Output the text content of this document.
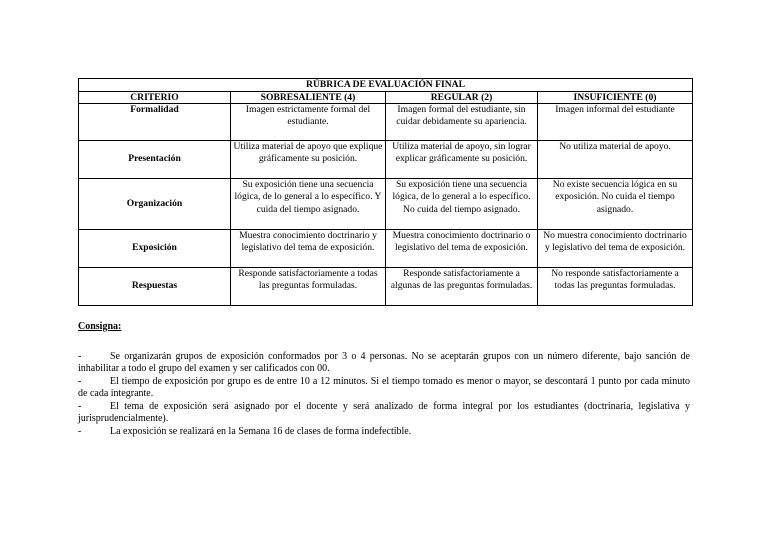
RÚBRICA DE EVALUACIÓN FINAL			
CRITERIO	SOBRESALIENTE (4)	REGULAR (2)	INSUFICIENTE (0)
Formalidad	Imagen estrictamente formal del estudiante.	Imagen formal del estudiante, sin cuidar debidamente su apariencia.	Imagen informal del estudiante
Presentación	Utiliza material de apoyo que explique gráficamente su posición.	Utiliza material de apoyo, sin lograr explicar gráficamente su posición.	No utiliza material de apoyo.
Organización	Su exposición tiene una secuencia lógica, de lo general a lo específico. Y cuida del tiempo asignado.	Su exposición tiene una secuencia lógica, de lo general a lo específico. No cuida del tiempo asignado.	No existe secuencia lógica en su exposición. No cuida el tiempo asignado.
Exposición	Muestra conocimiento doctrinario y legislativo del tema de exposición.	Muestra conocimiento doctrinario o legislativo del tema de exposición.	No muestra conocimiento doctrinario y legislativo del tema de exposición.
Respuestas	Responde satisfactoriamente a todas las preguntas formuladas.	Responde satisfactoriamente a algunas de las preguntas formuladas.	No responde satisfactoriamente a todas las preguntas formuladas.

Consigna:

-	Se organizarán grupos de exposición conformados por 3 o 4 personas. No se aceptarán grupos con un número diferente, bajo sanción de inhabilitar a todo el grupo del examen y ser calificados con 00.

-	El tiempo de exposición por grupo es de entre 10 a 12 minutos. Si el tiempo tomado es menor o mayor, se descontará 1 punto por cada minuto de cada integrante.

-	El tema de exposición será asignado por el docente y será analizado de forma integral por los estudiantes (doctrinaria, legislativa y jurisprudencialmente).

-	La exposición se realizará en la Semana 16 de clases de forma indefectible.
